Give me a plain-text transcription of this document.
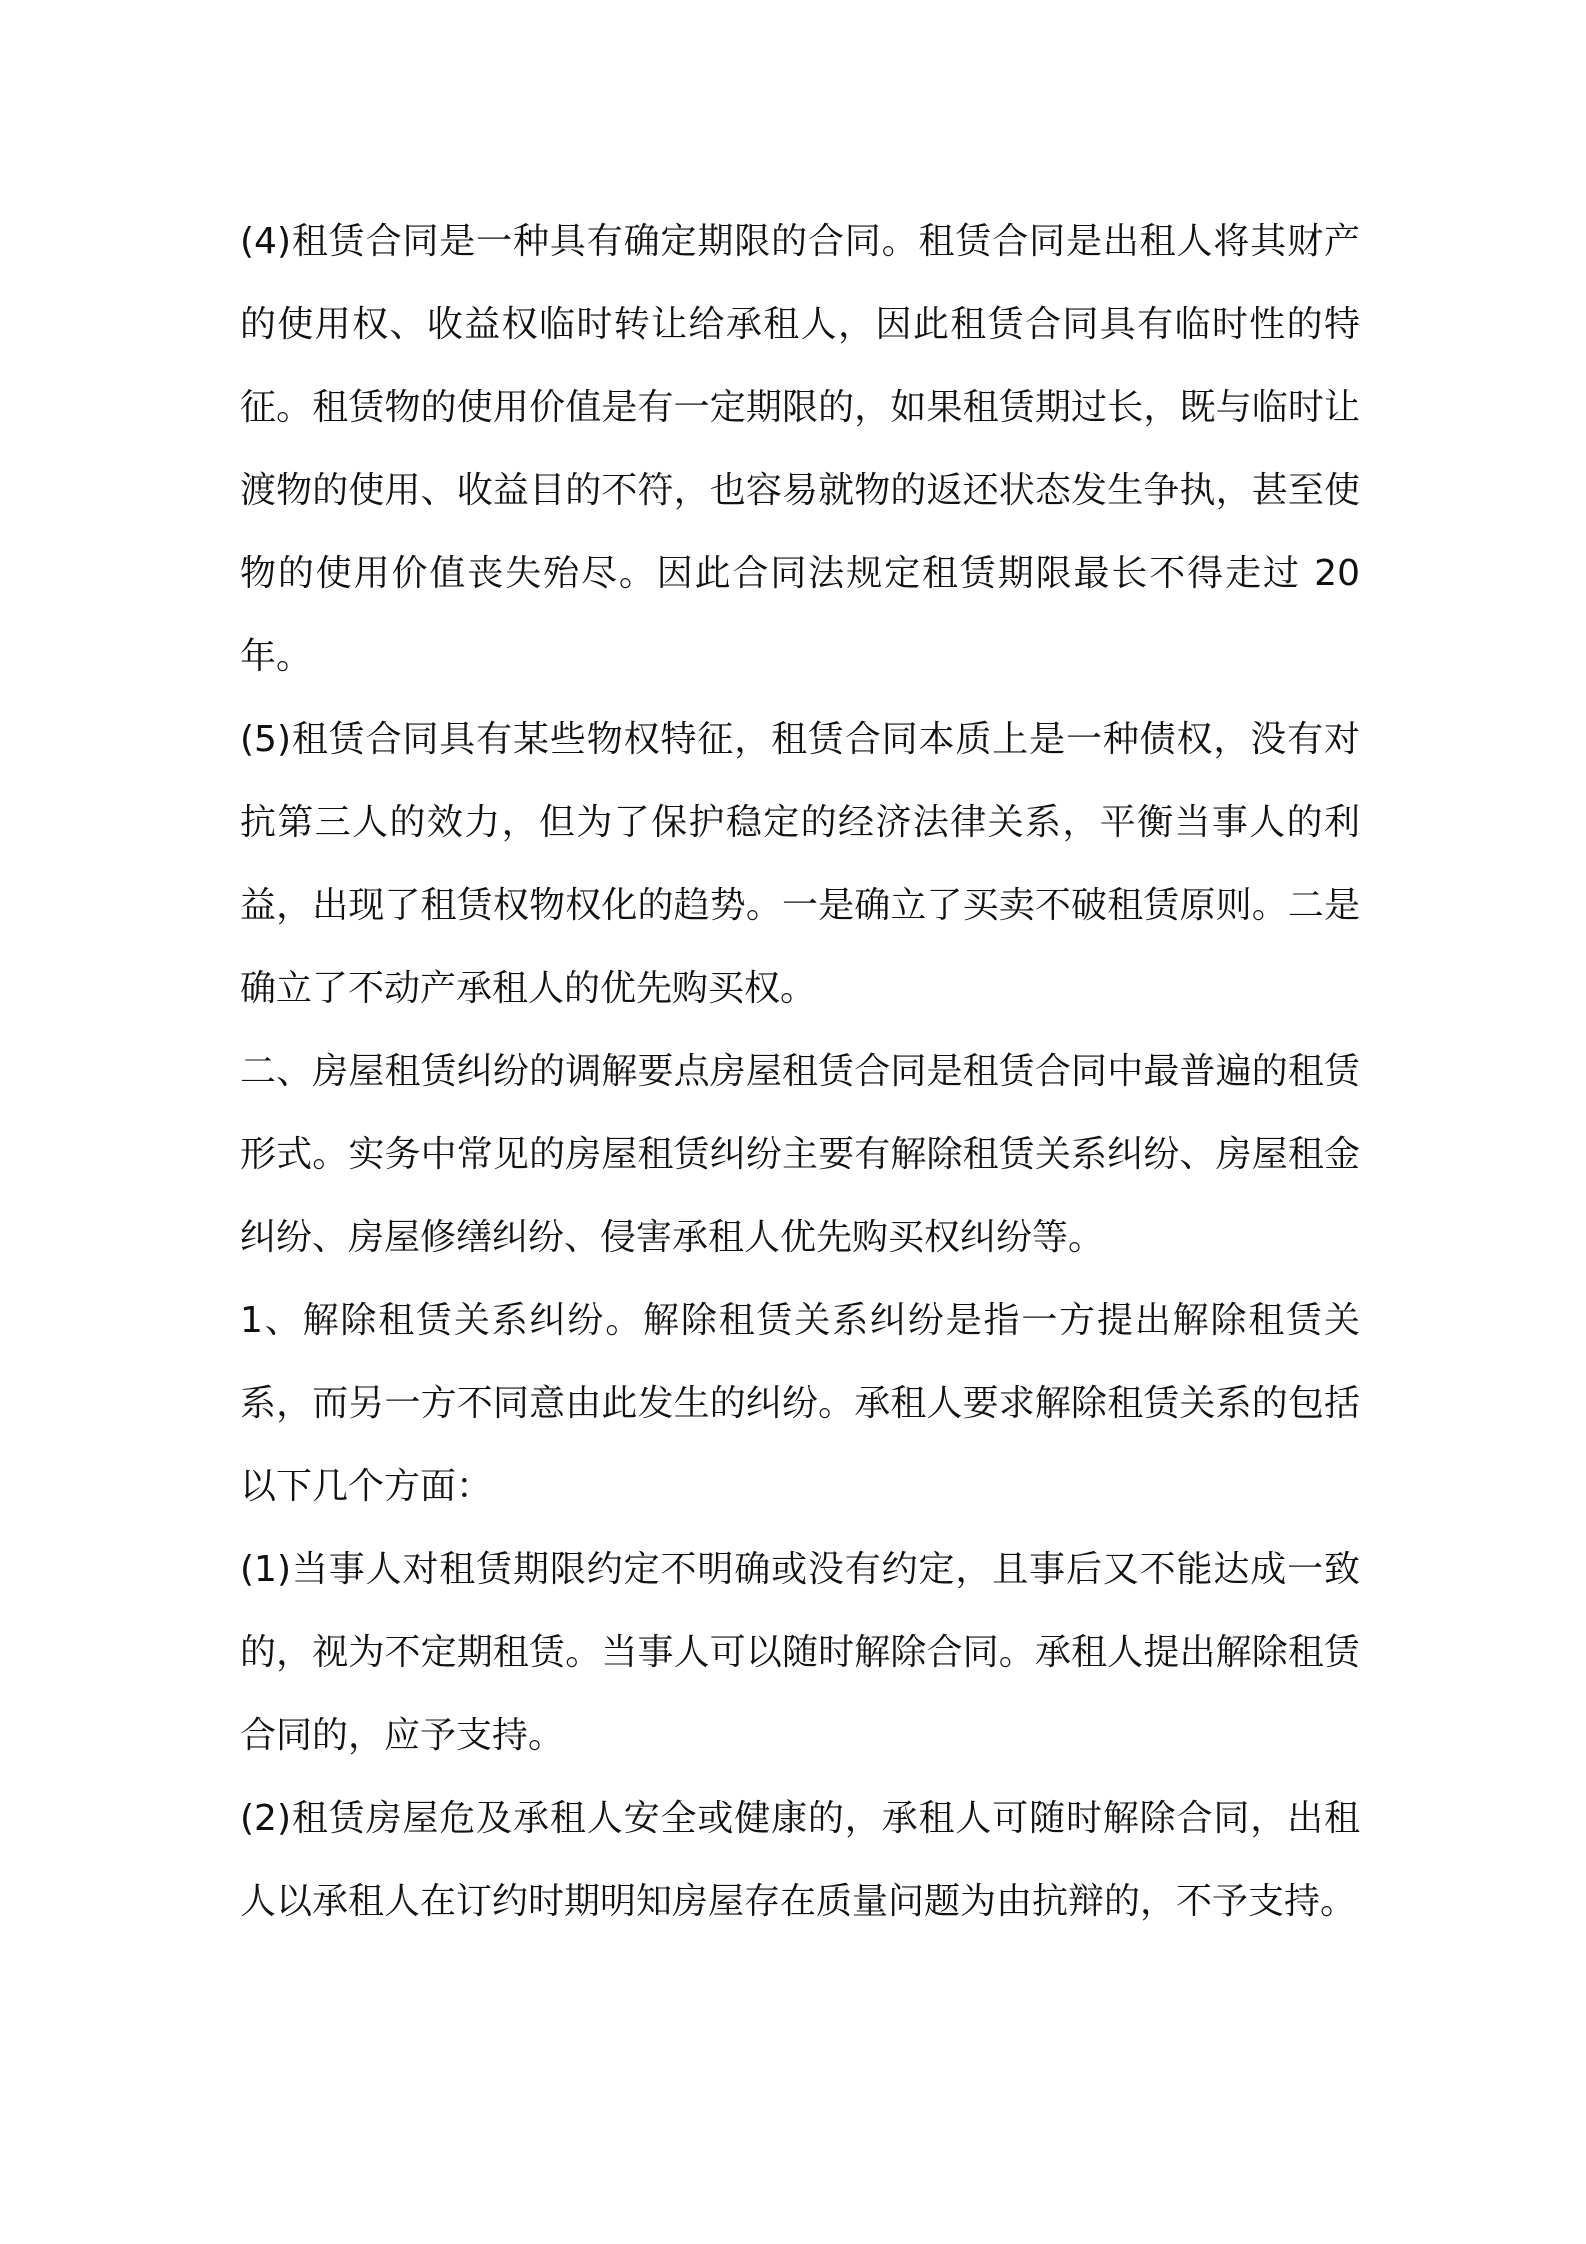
(4)租赁合同是一种具有确定期限的合同。租赁合同是出租人将其财产的使用权、收益权临时转让给承租人，因此租赁合同具有临时性的特征。租赁物的使用价值是有一定期限的，如果租赁期过长，既与临时让渡物的使用、收益目的不符，也容易就物的返还状态发生争执，甚至使物的使用价值丧失殆尽。因此合同法规定租赁期限最长不得走过 20 年。

(5)租赁合同具有某些物权特征，租赁合同本质上是一种债权，没有对抗第三人的效力，但为了保护稳定的经济法律关系，平衡当事人的利益，出现了租赁权物权化的趋势。一是确立了买卖不破租赁原则。二是确立了不动产承租人的优先购买权。

二、房屋租赁纠纷的调解要点房屋租赁合同是租赁合同中最普遍的租赁形式。实务中常见的房屋租赁纠纷主要有解除租赁关系纠纷、房屋租金纠纷、房屋修缮纠纷、侵害承租人优先购买权纠纷等。

1、解除租赁关系纠纷。解除租赁关系纠纷是指一方提出解除租赁关系，而另一方不同意由此发生的纠纷。承租人要求解除租赁关系的包括以下几个方面：

(1)当事人对租赁期限约定不明确或没有约定，且事后又不能达成一致的，视为不定期租赁。当事人可以随时解除合同。承租人提出解除租赁合同的，应予支持。

(2)租赁房屋危及承租人安全或健康的，承租人可随时解除合同，出租人以承租人在订约时期明知房屋存在质量问题为由抗辩的，不予支持。
